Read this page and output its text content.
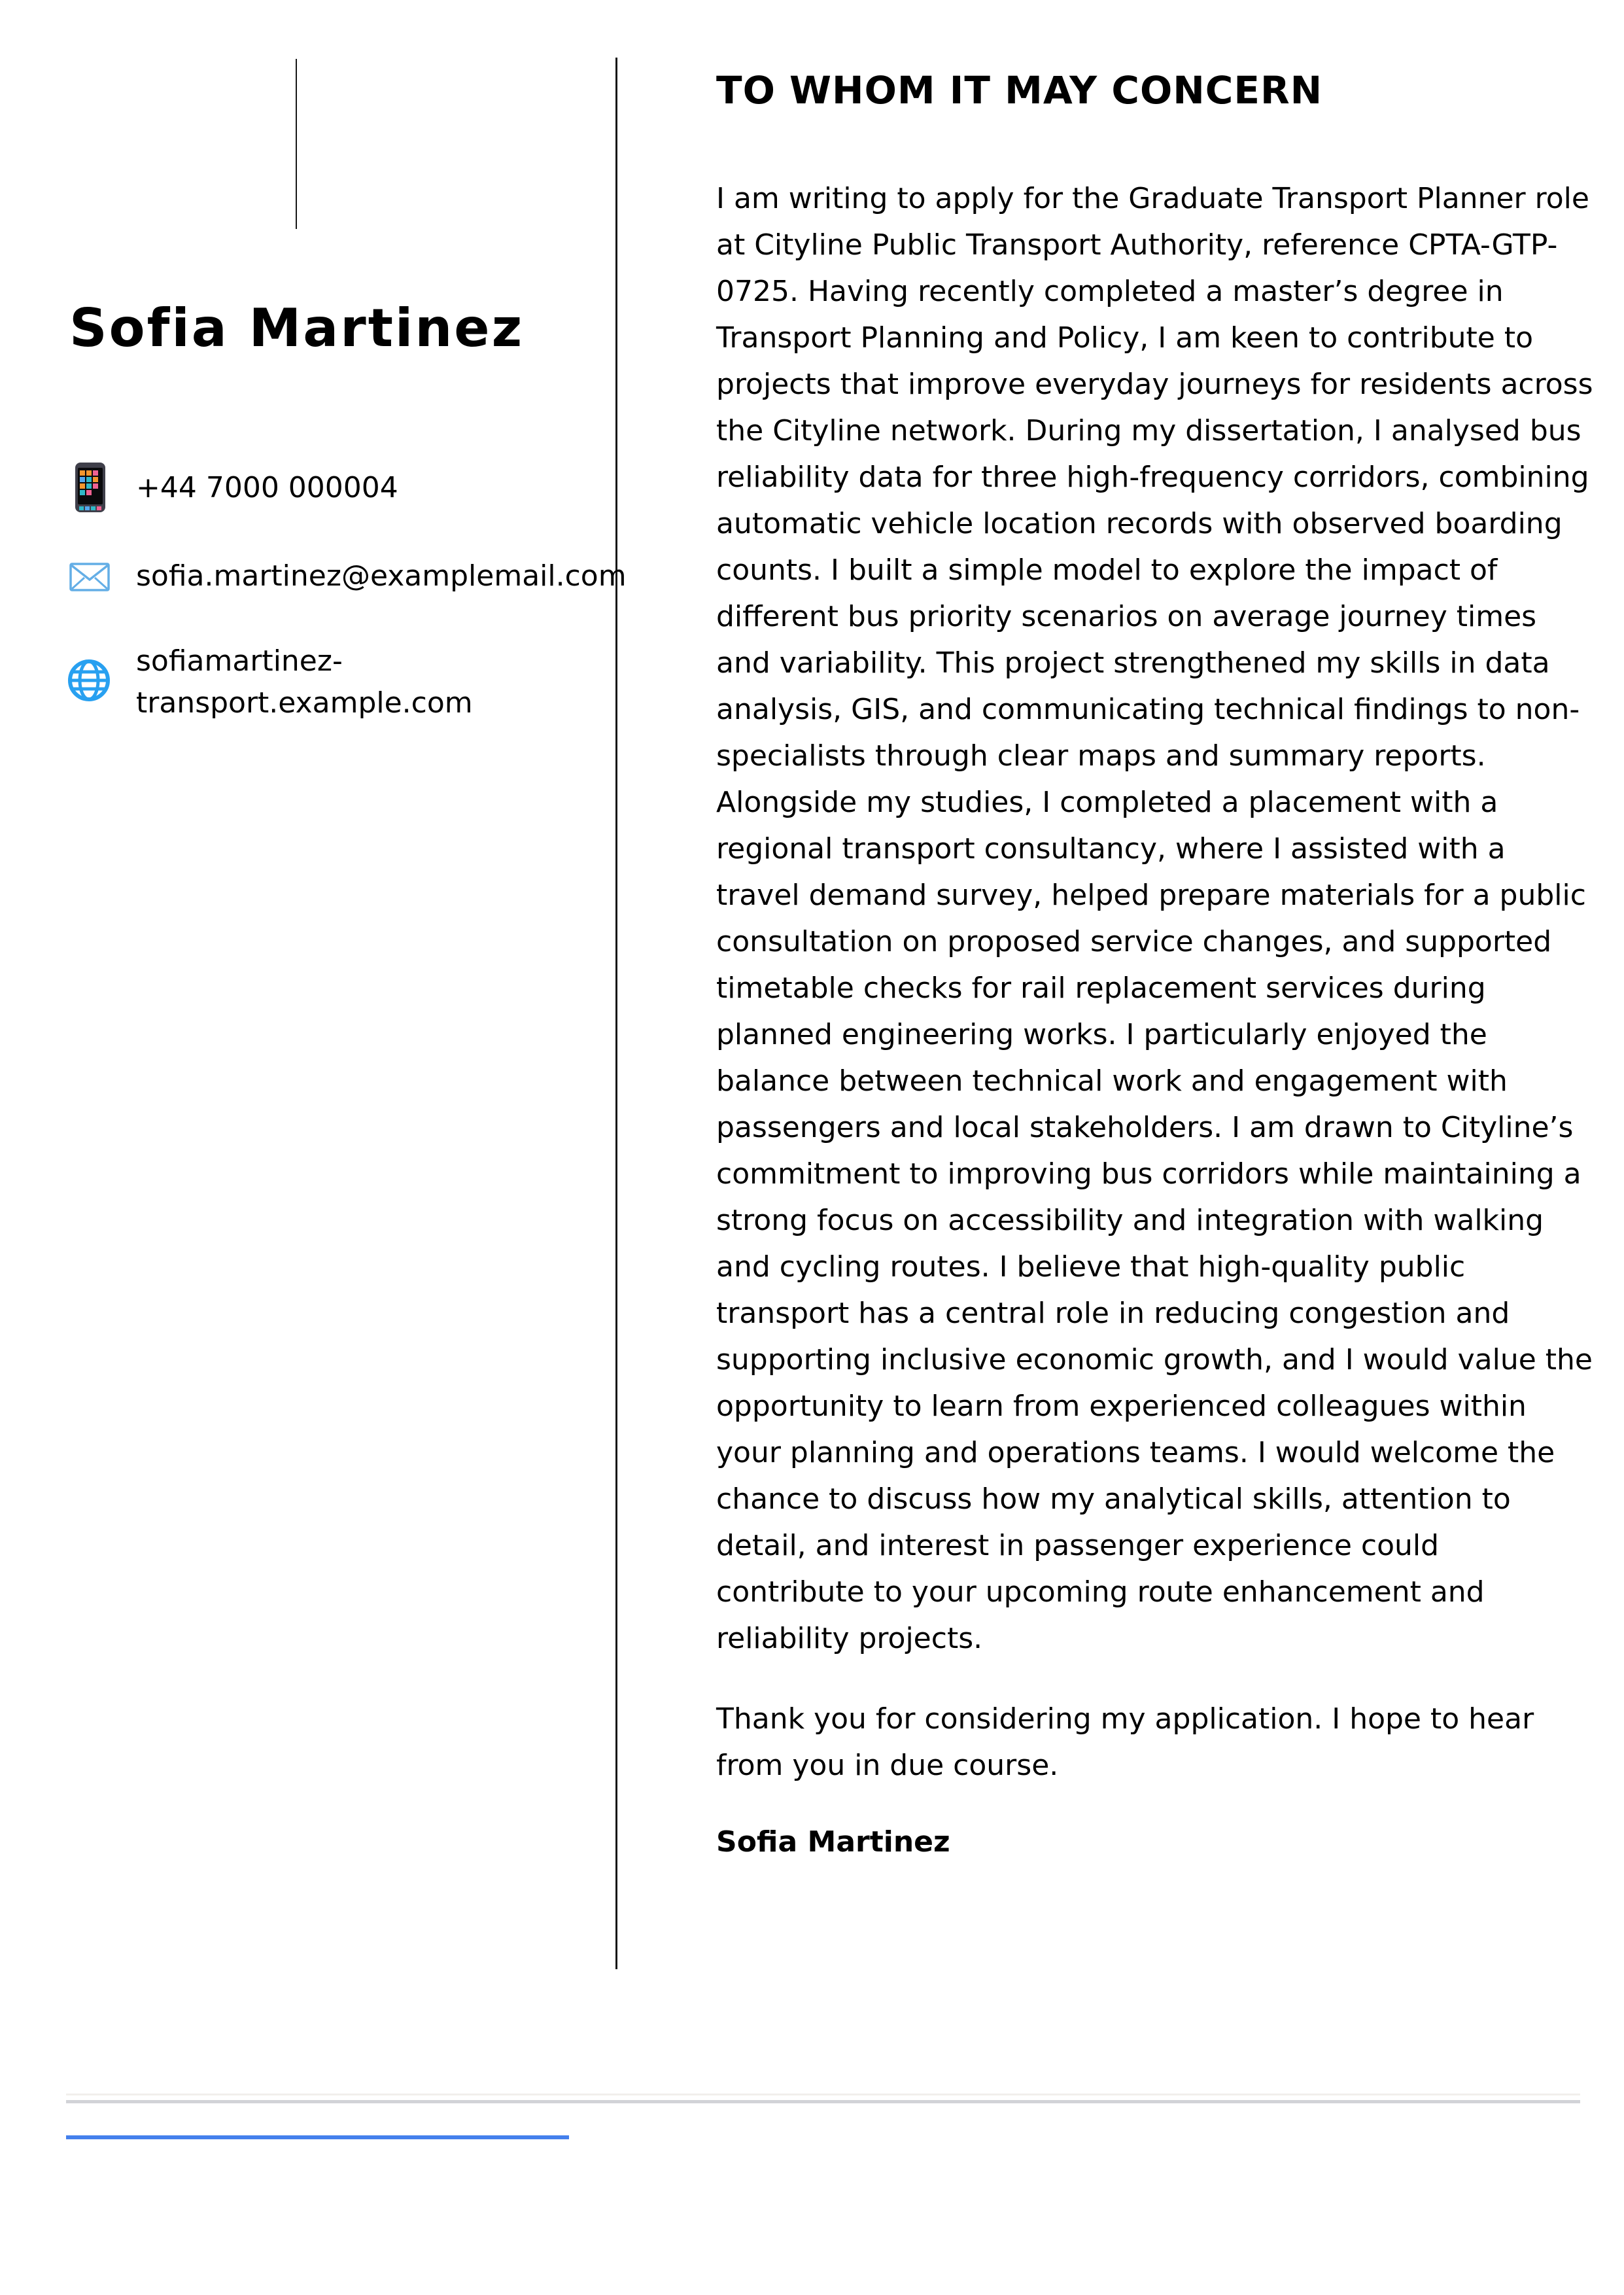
Sofia Martinez
+44 7000 000004
sofia.martinez@examplemail.com
sofiamartinez-transport.example.com
TO WHOM IT MAY CONCERN

I am writing to apply for the Graduate Transport Planner role at Cityline Public Transport Authority, reference CPTA-GTP-0725. Having recently completed a master’s degree in Transport Planning and Policy, I am keen to contribute to projects that improve everyday journeys for residents across the Cityline network. During my dissertation, I analysed bus reliability data for three high-frequency corridors, combining automatic vehicle location records with observed boarding counts. I built a simple model to explore the impact of different bus priority scenarios on average journey times and variability. This project strengthened my skills in data analysis, GIS, and communicating technical findings to non-specialists through clear maps and summary reports. Alongside my studies, I completed a placement with a regional transport consultancy, where I assisted with a travel demand survey, helped prepare materials for a public consultation on proposed service changes, and supported timetable checks for rail replacement services during planned engineering works. I particularly enjoyed the balance between technical work and engagement with passengers and local stakeholders. I am drawn to Cityline’s commitment to improving bus corridors while maintaining a strong focus on accessibility and integration with walking and cycling routes. I believe that high-quality public transport has a central role in reducing congestion and supporting inclusive economic growth, and I would value the opportunity to learn from experienced colleagues within your planning and operations teams. I would welcome the chance to discuss how my analytical skills, attention to detail, and interest in passenger experience could contribute to your upcoming route enhancement and reliability projects.

Thank you for considering my application. I hope to hear from you in due course.

Sofia Martinez
